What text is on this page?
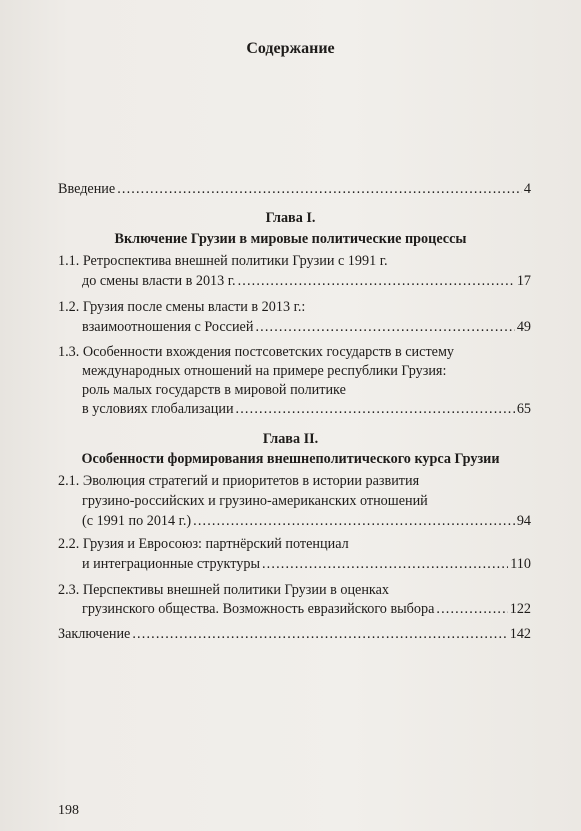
Содержание
Введение . . .	4
Глава I.
Включение Грузии в мировые политические процессы
1.1. Ретроспектива внешней политики Грузии с 1991 г.
до смены власти в 2013 г. . . .	17
1.2. Грузия после смены власти в 2013 г.:
взаимоотношения с Россией . . .	49
1.3. Особенности вхождения постсоветских государств в систему
международных отношений на примере республики Грузия:
роль малых государств в мировой политике
в условиях глобализации . . .	65
Глава II.
Особенности формирования внешнеполитического курса Грузии
2.1. Эволюция стратегий и приоритетов в истории развития
грузино-российских и грузино-американских отношений
(с 1991 по 2014 г.) . . .	94
2.2. Грузия и Евросоюз: партнёрский потенциал
и интеграционные структуры . . .	110
2.3. Перспективы внешней политики Грузии в оценках
грузинского общества. Возможность евразийского выбора . . .	122
Заключение . . .	142
198
